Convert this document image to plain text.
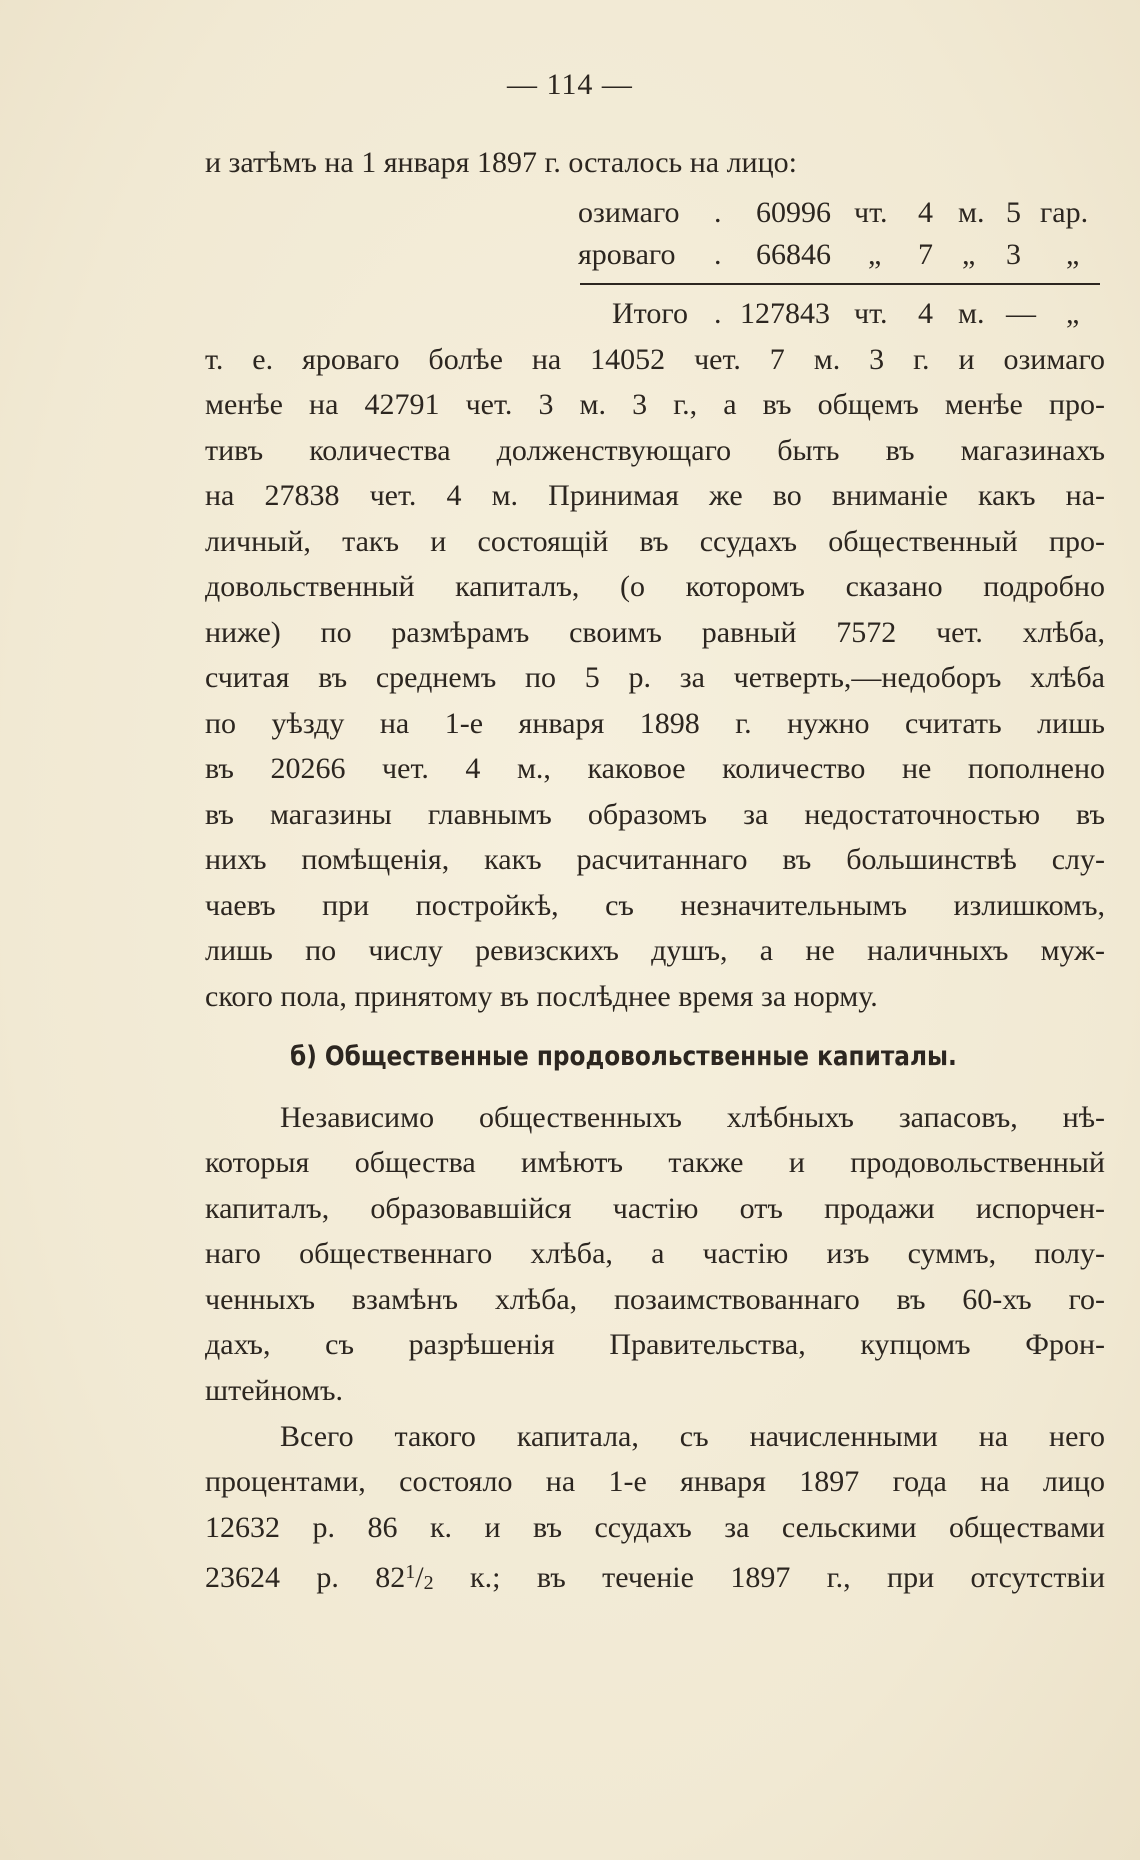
— 114 —
и затѣмъ на 1 января 1897 г. осталось на лицо:
озимаго . 60996 чт. 4 м. 5 гар.
яроваго . 66846 „ 7 „ 3 „
Итого . 127843 чт. 4 м. — „
т. е. яроваго болѣе на 14052 чет. 7 м. 3 г. и озимаго
менѣе на 42791 чет. 3 м. 3 г., а въ общемъ менѣе про-
тивъ количества долженствующаго быть въ магазинахъ
на 27838 чет. 4 м. Принимая же во вниманіе какъ на-
личный, такъ и состоящій въ ссудахъ общественный про-
довольственный капиталъ, (о которомъ сказано подробно
ниже) по размѣрамъ своимъ равный 7572 чет. хлѣба,
считая въ среднемъ по 5 р. за четверть,—недоборъ хлѣба
по уѣзду на 1-е января 1898 г. нужно считать лишь
въ 20266 чет. 4 м., каковое количество не пополнено
въ магазины главнымъ образомъ за недостаточностью въ
нихъ помѣщенія, какъ расчитаннаго въ большинствѣ слу-
чаевъ при постройкѣ, съ незначительнымъ излишкомъ,
лишь по числу ревизскихъ душъ, а не наличныхъ муж-
ского пола, принятому въ послѣднее время за норму.
б) Общественные продовольственные капиталы.
Независимо общественныхъ хлѣбныхъ запасовъ, нѣ-
которыя общества имѣютъ также и продовольственный
капиталъ, образовавшійся частію отъ продажи испорчен-
наго общественнаго хлѣба, а частію изъ суммъ, полу-
ченныхъ взамѣнъ хлѣба, позаимствованнаго въ 60-хъ го-
дахъ, съ разрѣшенія Правительства, купцомъ Фрон-
штейномъ.
Всего такого капитала, съ начисленными на него
процентами, состояло на 1-е января 1897 года на лицо
12632 р. 86 к. и въ ссудахъ за сельскими обществами
23624 р. $82^1/2$ к.; въ теченіе 1897 г., при отсутствіи
